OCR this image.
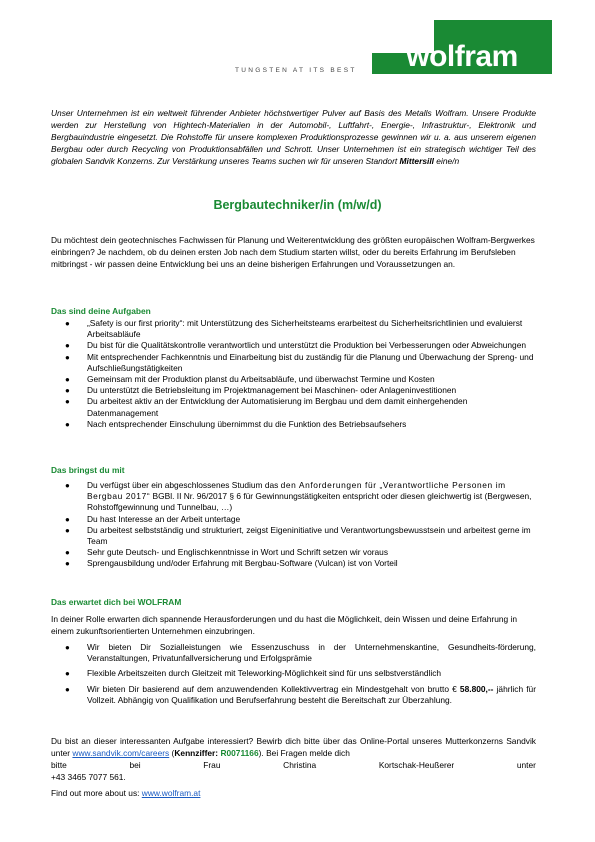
TUNGSTEN AT ITS BEST	wolfram
Unser Unternehmen ist ein weltweit führender Anbieter höchstwertiger Pulver auf Basis des Metalls Wolfram. Unsere Produkte werden zur Herstellung von Hightech-Materialien in der Automobil-, Luftfahrt-, Energie-, Infrastruktur-, Elektronik und Bergbauindustrie eingesetzt. Die Rohstoffe für unsere komplexen Produktionsprozesse gewinnen wir u. a. aus unserem eigenen Bergbau oder durch Recycling von Produktionsabfällen und Schrott. Unser Unternehmen ist ein strategisch wichtiger Teil des globalen Sandvik Konzerns. Zur Verstärkung unseres Teams suchen wir für unseren Standort Mittersill eine/n
Bergbautechniker/in (m/w/d)
Du möchtest dein geotechnisches Fachwissen für Planung und Weiterentwicklung des größten europäischen Wolfram-Bergwerkes einbringen? Je nachdem, ob du deinen ersten Job nach dem Studium starten willst, oder du bereits Erfahrung im Berufsleben mitbringst - wir passen deine Entwicklung bei uns an deine bisherigen Erfahrungen und Voraussetzungen an.
Das sind deine Aufgaben
● „Safety is our first priority“: mit Unterstützung des Sicherheitsteams erarbeitest du Sicherheitsrichtlinien und evaluierst Arbeitsabläufe
● Du bist für die Qualitätskontrolle verantwortlich und unterstützt die Produktion bei Verbesserungen oder Abweichungen
● Mit entsprechender Fachkenntnis und Einarbeitung bist du zuständig für die Planung und Überwachung der Spreng- und Aufschließungstätigkeiten
● Gemeinsam mit der Produktion planst du Arbeitsabläufe, und überwachst Termine und Kosten
● Du unterstützt die Betriebsleitung im Projektmanagement bei Maschinen- oder Anlageninvestitionen
● Du arbeitest aktiv an der Entwicklung der Automatisierung im Bergbau und dem damit einhergehenden Datenmanagement
● Nach entsprechender Einschulung übernimmst du die Funktion des Betriebsaufsehers
Das bringst du mit
● Du verfügst über ein abgeschlossenes Studium das den Anforderungen für „Verantwortliche Personen im Bergbau 2017“ BGBl. II Nr. 96/2017 § 6 für Gewinnungstätigkeiten entspricht oder diesen gleichwertig ist (Bergwesen, Rohstoffgewinnung und Tunnelbau, …)
● Du hast Interesse an der Arbeit untertage
● Du arbeitest selbstständig und strukturiert, zeigst Eigeninitiative und Verantwortungsbewusstsein und arbeitest gerne im Team
● Sehr gute Deutsch- und Englischkenntnisse in Wort und Schrift setzen wir voraus
● Sprengausbildung und/oder Erfahrung mit Bergbau-Software (Vulcan) ist von Vorteil
Das erwartet dich bei WOLFRAM
In deiner Rolle erwarten dich spannende Herausforderungen und du hast die Möglichkeit, dein Wissen und deine Erfahrung in einem zukunftsorientierten Unternehmen einzubringen.
● Wir bieten Dir Sozialleistungen wie Essenzuschuss in der Unternehmenskantine, Gesundheits-förderung, Veranstaltungen, Privatunfallversicherung und Erfolgsprämie
● Flexible Arbeitszeiten durch Gleitzeit mit Teleworking-Möglichkeit sind für uns selbstverständlich
● Wir bieten Dir basierend auf dem anzuwendenden Kollektivvertrag ein Mindestgehalt von brutto € 58.800,-- jährlich für Vollzeit. Abhängig von Qualifikation und Berufserfahrung besteht die Bereitschaft zur Überzahlung.
Du bist an dieser interessanten Aufgabe interessiert? Bewirb dich bitte über das Online-Portal unseres Mutterkonzerns Sandvik unter www.sandvik.com/careers (Kennziffer: R0071166). Bei Fragen melde dich
bitte	bei	Frau	Christina	Kortschak-Heußerer	unter
+43 3465 7077 561.
Find out more about us: www.wolfram.at
